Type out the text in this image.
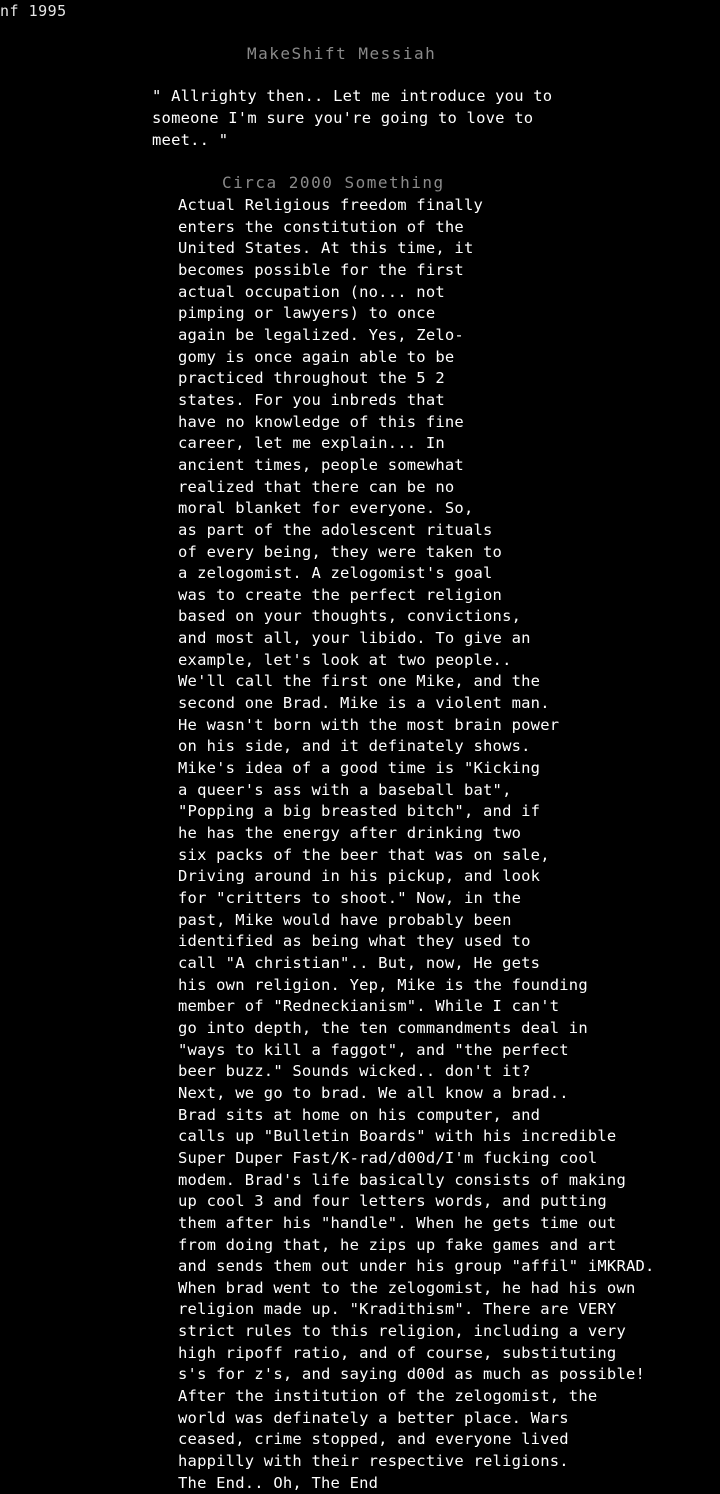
nf 1995
MakeShift Messiah
" Allrighty then.. Let me introduce you to someone I'm sure you're going to love to meet.. "
Circa 2000 Something
Actual Religious freedom finally
enters the constitution of the
United States. At this time, it
becomes possible for the first
actual occupation (no... not
pimping or lawyers) to once
again be legalized. Yes, Zelo-
gomy is once again able to be
practiced throughout the 5 2
states. For you inbreds that
have no knowledge of this fine
career, let me explain... In
ancient times, people somewhat
realized that there can be no
moral blanket for everyone. So,
as part of the adolescent rituals
of every being, they were taken to
a zelogomist. A zelogomist's goal
was to create the perfect religion
based on your thoughts, convictions,
and most all, your libido. To give an
example, let's look at two people..
We'll call the first one Mike, and the
second one Brad. Mike is a violent man.
He wasn't born with the most brain power
on his side, and it definately shows.
Mike's idea of a good time is "Kicking
a queer's ass with a baseball bat",
"Popping a big breasted bitch", and if
he has the energy after drinking two
six packs of the beer that was on sale,
Driving around in his pickup, and look
for "critters to shoot." Now, in the
past, Mike would have probably been
identified as being what they used to
call "A christian".. But, now, He gets
his own religion. Yep, Mike is the founding
member of "Redneckianism". While I can't
go into depth, the ten commandments deal in
"ways to kill a faggot", and "the perfect
beer buzz." Sounds wicked.. don't it?
Next, we go to brad. We all know a brad..
Brad sits at home on his computer, and
calls up "Bulletin Boards" with his incredible
Super Duper Fast/K-rad/d00d/I'm fucking cool
modem. Brad's life basically consists of making
up cool 3 and four letters words, and putting
them after his "handle". When he gets time out
from doing that, he zips up fake games and art
and sends them out under his group "affil" iMKRAD.
When brad went to the zelogomist, he had his own
religion made up. "Kradithism". There are VERY
strict rules to this religion, including a very
high ripoff ratio, and of course, substituting
s's for z's, and saying d00d as much as possible!
After the institution of the zelogomist, the
world was definately a better place. Wars
ceased, crime stopped, and everyone lived
happilly with their respective religions.
The End.. Oh, The End
